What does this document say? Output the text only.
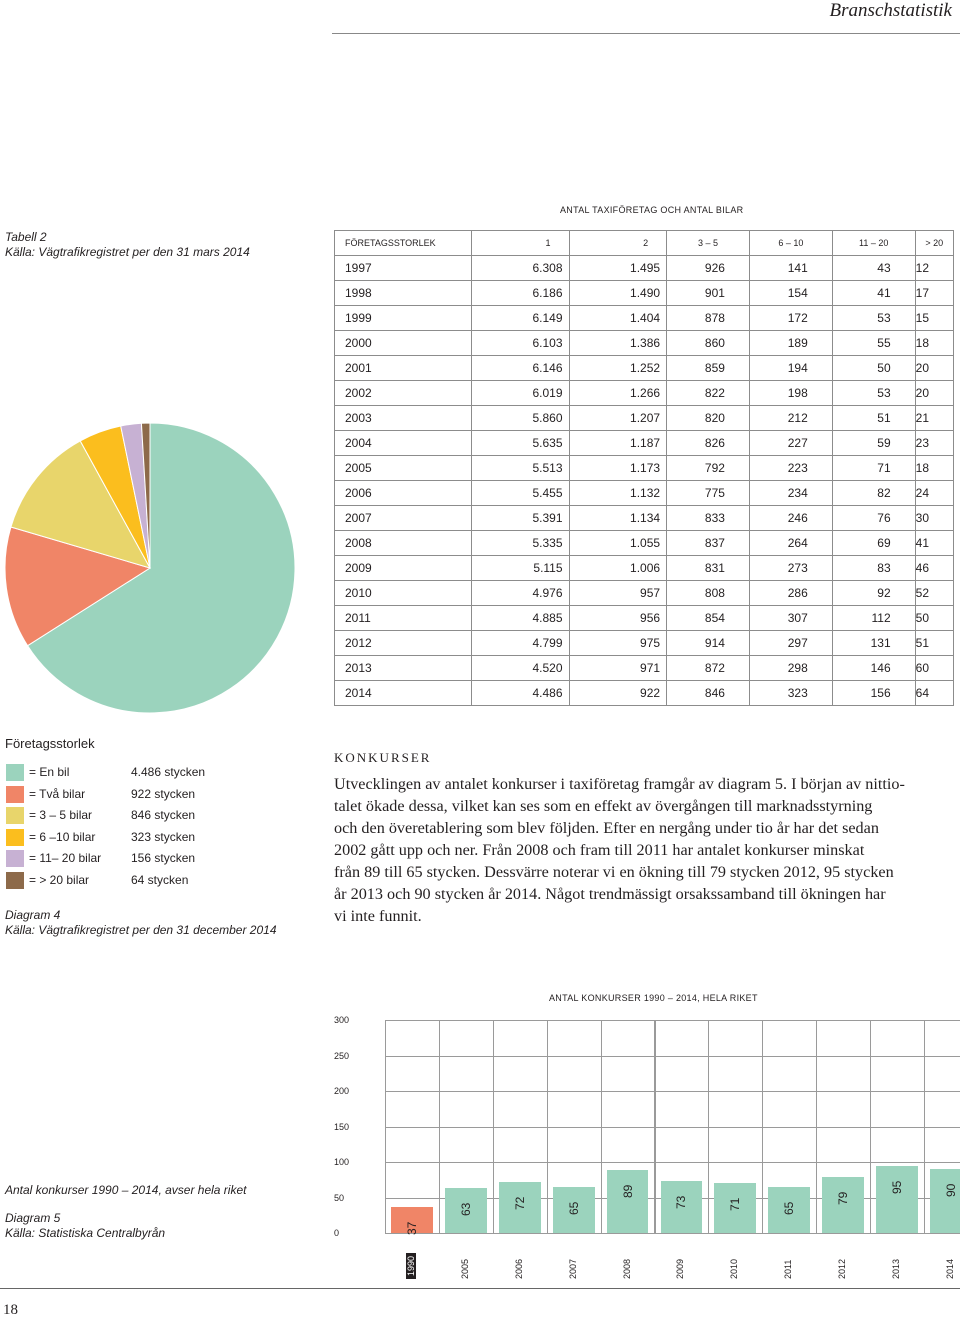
Branschstatistik
Tabell 2
Källa: Vägtrafikregistret per den 31 mars 2014
ANTAL TAXIFÖRETAG OCH ANTAL BILAR
FÖRETAGSSTORLEK	1	2	3 – 5	6 – 10	11 – 20	> 20
1997	6.308	1.495	926	141	43	12
1998	6.186	1.490	901	154	41	17
1999	6.149	1.404	878	172	53	15
2000	6.103	1.386	860	189	55	18
2001	6.146	1.252	859	194	50	20
2002	6.019	1.266	822	198	53	20
2003	5.860	1.207	820	212	51	21
2004	5.635	1.187	826	227	59	23
2005	5.513	1.173	792	223	71	18
2006	5.455	1.132	775	234	82	24
2007	5.391	1.134	833	246	76	30
2008	5.335	1.055	837	264	69	41
2009	5.115	1.006	831	273	83	46
2010	4.976	957	808	286	92	52
2011	4.885	956	854	307	112	50
2012	4.799	975	914	297	131	51
2013	4.520	971	872	298	146	60
2014	4.486	922	846	323	156	64
Företagsstorlek
= En bil	4.486 stycken
= Två bilar	922 stycken
= 3 – 5 bilar	846 stycken
= 6 –10 bilar	323 stycken
= 11– 20 bilar 156 stycken
= > 20 bilar	64 stycken
Diagram 4
Källa: Vägtrafikregistret per den 31 december 2014
KONKURSER
Utvecklingen av antalet konkurser i taxiföretag framgår av diagram 5. I början av nittio-
talet ökade dessa, vilket kan ses som en effekt av övergången till marknadsstyrning
och den överetablering som blev följden. Efter en nergång under tio år har det sedan
2002 gått upp och ner. Från 2008 och fram till 2011 har antalet konkurser minskat
från 89 till 65 stycken. Dessvärre noterar vi en ökning till 79 stycken 2012, 95 stycken
år 2013 och 90 stycken år 2014. Något trendmässigt orsakssamband till ökningen har
vi inte funnit.
Antal konkurser 1990 – 2014, avser hela riket
Diagram 5
Källa: Statistiska Centralbyrån
ANTAL KONKURSER 1990 – 2014, HELA RIKET
300
250
200
150
100
50
0	37
1990
63
2005
72
2006
65
2007
89
2008
73
2009
71
2010
65
2011
79
2012
95
2013
90
2014
18
